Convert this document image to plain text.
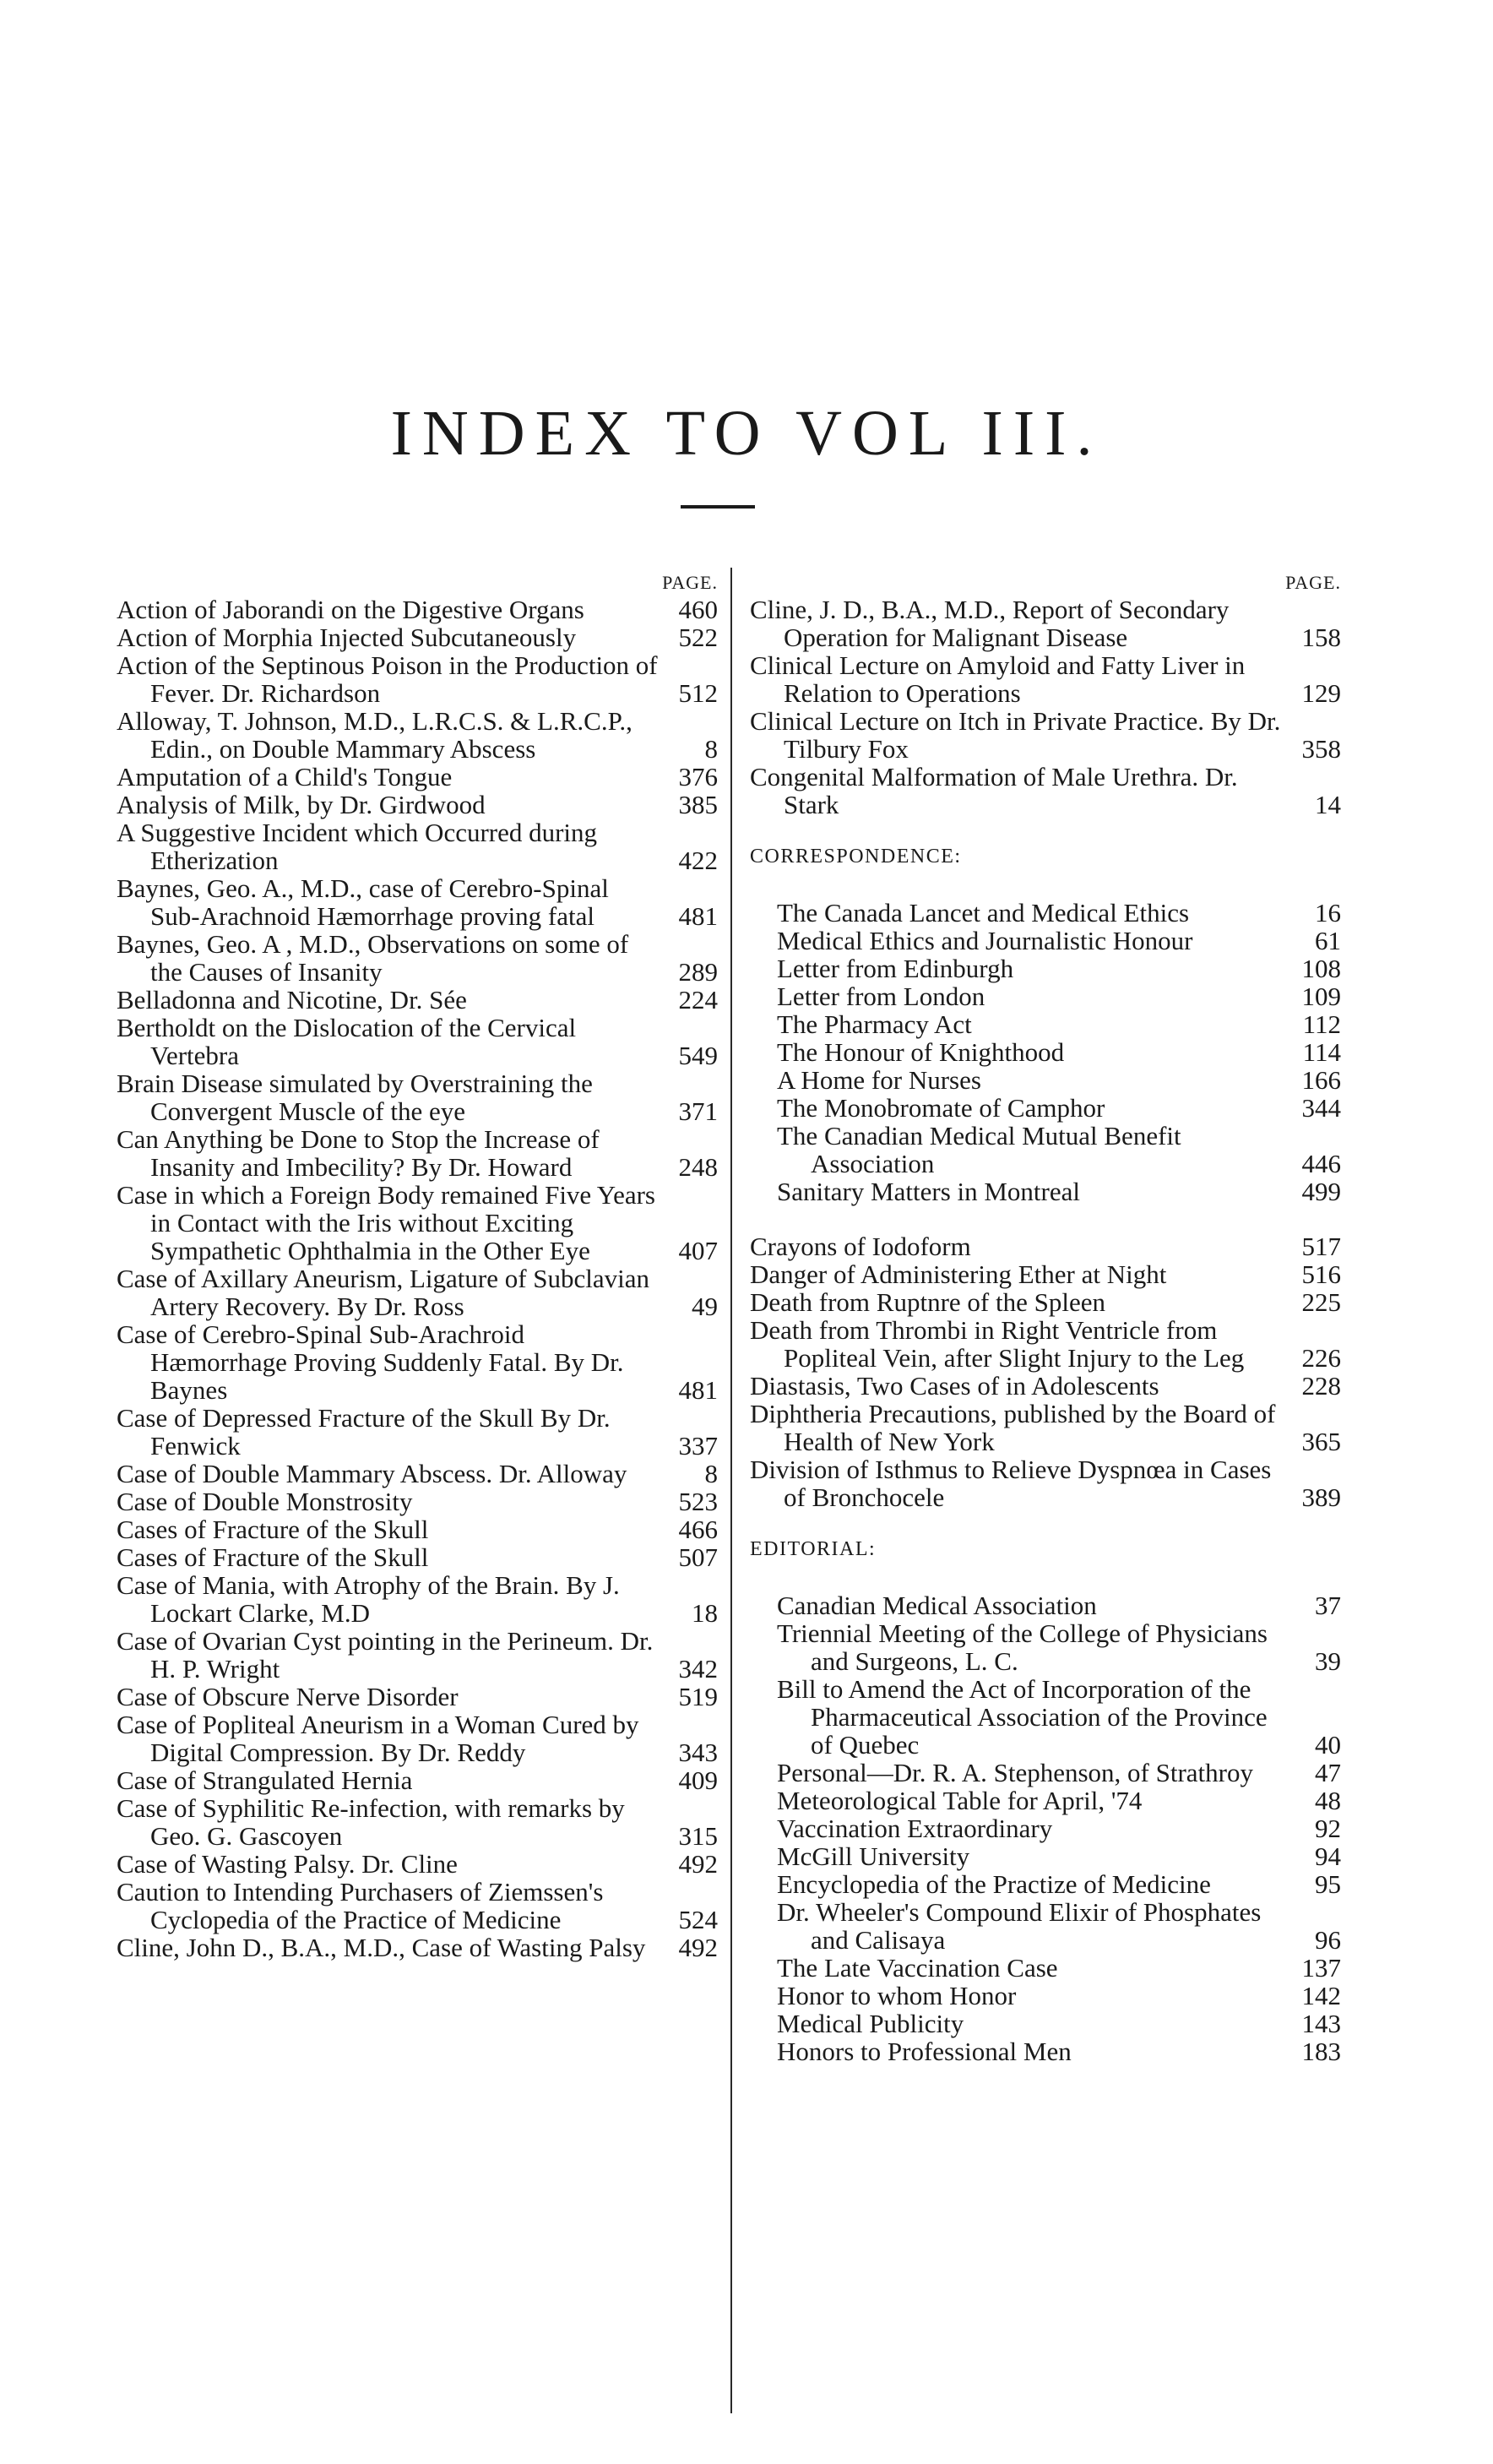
INDEX TO VOL III.
PAGE.
Action of Jaborandi on the Digestive Organs	460
Action of Morphia Injected Subcutaneously	522
Action of the Septinous Poison in the Production of Fever. Dr. Richardson	512
Alloway, T. Johnson, M.D., L.R.C.S. & L.R.C.P., Edin., on Double Mammary Abscess	8
Amputation of a Child's Tongue	376
Analysis of Milk, by Dr. Girdwood	385
A Suggestive Incident which Occurred during Etherization	422
Baynes, Geo. A., M.D., case of Cerebro-Spinal Sub-Arachnoid Hæmorrhage proving fatal	481
Baynes, Geo. A , M.D., Observations on some of the Causes of Insanity	289
Belladonna and Nicotine, Dr. Sée	224
Bertholdt on the Dislocation of the Cervical Vertebra	549
Brain Disease simulated by Overstraining the Convergent Muscle of the eye	371
Can Anything be Done to Stop the Increase of Insanity and Imbecility? By Dr. Howard	248
Case in which a Foreign Body remained Five Years in Contact with the Iris without Exciting Sympathetic Ophthalmia in the Other Eye	407
Case of Axillary Aneurism, Ligature of Subclavian Artery Recovery. By Dr. Ross	49
Case of Cerebro-Spinal Sub-Arachroid Hæmorrhage Proving Suddenly Fatal. By Dr. Baynes	481
Case of Depressed Fracture of the Skull By Dr. Fenwick	337
Case of Double Mammary Abscess. Dr. Alloway	8
Case of Double Monstrosity	523
Cases of Fracture of the Skull	466
Cases of Fracture of the Skull	507
Case of Mania, with Atrophy of the Brain. By J. Lockart Clarke, M.D	18
Case of Ovarian Cyst pointing in the Perineum. Dr. H. P. Wright	342
Case of Obscure Nerve Disorder	519
Case of Popliteal Aneurism in a Woman Cured by Digital Compression. By Dr. Reddy	343
Case of Strangulated Hernia	409
Case of Syphilitic Re-infection, with remarks by Geo. G. Gascoyen	315
Case of Wasting Palsy. Dr. Cline	492
Caution to Intending Purchasers of Ziemssen's Cyclopedia of the Practice of Medicine	524
Cline, John D., B.A., M.D., Case of Wasting Palsy	492
PAGE.
Cline, J. D., B.A., M.D., Report of Secondary Operation for Malignant Disease	158
Clinical Lecture on Amyloid and Fatty Liver in Relation to Operations	129
Clinical Lecture on Itch in Private Practice. By Dr. Tilbury Fox	358
Congenital Malformation of Male Urethra. Dr. Stark	14
CORRESPONDENCE:
The Canada Lancet and Medical Ethics	16
Medical Ethics and Journalistic Honour	61
Letter from Edinburgh	108
Letter from London	109
The Pharmacy Act	112
The Honour of Knighthood	114
A Home for Nurses	166
The Monobromate of Camphor	344
The Canadian Medical Mutual Benefit Association	446
Sanitary Matters in Montreal	499
Crayons of Iodoform	517
Danger of Administering Ether at Night	516
Death from Ruptnre of the Spleen	225
Death from Thrombi in Right Ventricle from Popliteal Vein, after Slight Injury to the Leg	226
Diastasis, Two Cases of in Adolescents	228
Diphtheria Precautions, published by the Board of Health of New York	365
Division of Isthmus to Relieve Dyspnœa in Cases of Bronchocele	389
EDITORIAL:
Canadian Medical Association	37
Triennial Meeting of the College of Physicians and Surgeons, L. C.	39
Bill to Amend the Act of Incorporation of the Pharmaceutical Association of the Province of Quebec	40
Personal—Dr. R. A. Stephenson, of Strathroy	47
Meteorological Table for April, '74	48
Vaccination Extraordinary	92
McGill University	94
Encyclopedia of the Practize of Medicine	95
Dr. Wheeler's Compound Elixir of Phosphates and Calisaya	96
The Late Vaccination Case	137
Honor to whom Honor	142
Medical Publicity	143
Honors to Professional Men	183
